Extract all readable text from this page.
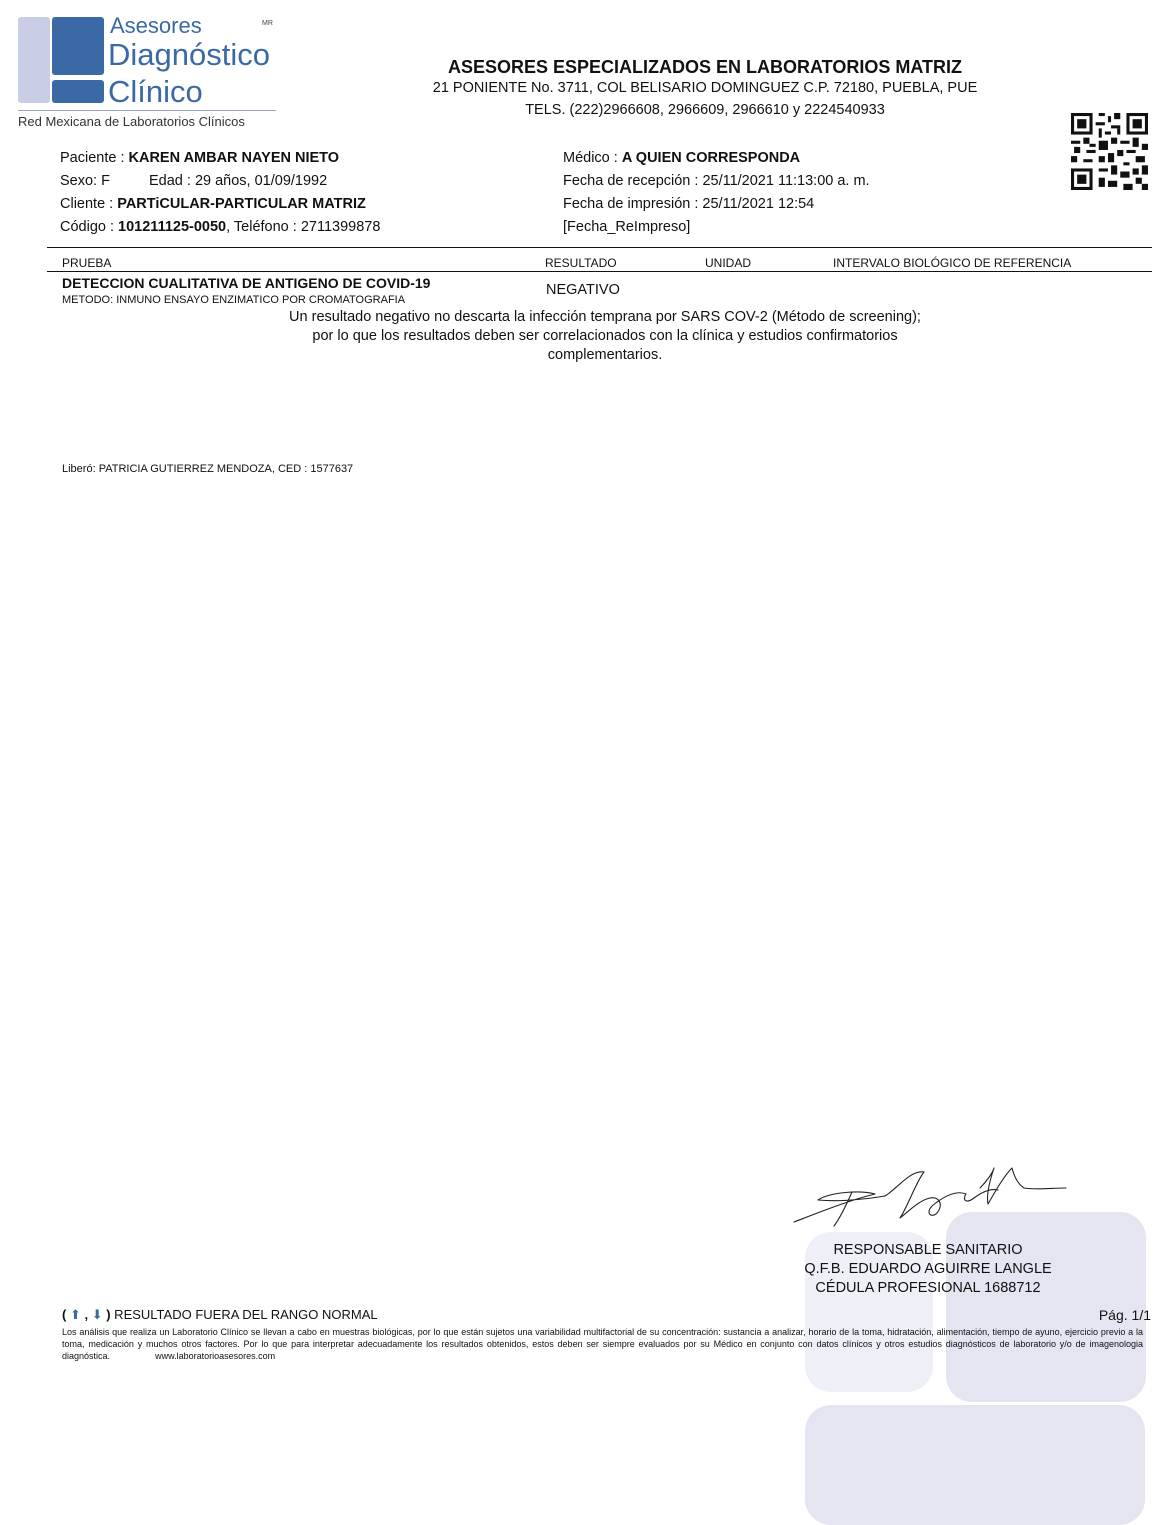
Asesores
Diagnóstico
Clínico
MR
Red Mexicana de Laboratorios Clínicos
ASESORES ESPECIALIZADOS EN LABORATORIOS MATRIZ
21 PONIENTE No. 3711, COL BELISARIO DOMINGUEZ C.P. 72180, PUEBLA, PUE
TELS. (222)2966608, 2966609, 2966610 y 2224540933
Paciente : KAREN AMBAR NAYEN NIETO
Sexo: F	Edad : 29 años, 01/09/1992
Cliente : PARTiCULAR-PARTICULAR MATRIZ
Código : 101211125-0050, Teléfono : 2711399878
Médico : A QUIEN CORRESPONDA
Fecha de recepción : 25/11/2021 11:13:00 a. m.
Fecha de impresión : 25/11/2021 12:54
[Fecha_ReImpreso]
PRUEBA	RESULTADO	UNIDAD	INTERVALO BIOLÓGICO DE REFERENCIA
DETECCION CUALITATIVA DE ANTIGENO DE COVID-19
METODO: INMUNO ENSAYO ENZIMATICO POR CROMATOGRAFIA
NEGATIVO
Un resultado negativo no descarta la infección temprana por SARS COV-2 (Método de screening);
por lo que los resultados deben ser correlacionados con la clínica y estudios confirmatorios
complementarios.
Liberó: PATRICIA GUTIERREZ MENDOZA, CED : 1577637
RESPONSABLE SANITARIO
Q.F.B. EDUARDO AGUIRRE LANGLE
CÉDULA PROFESIONAL 1688712
( ⬆ , ⬇ ) RESULTADO FUERA DEL RANGO NORMAL	Pág. 1/1
Los análisis que realiza un Laboratorio Clínico se llevan a cabo en muestras biológicas, por lo que están sujetos una variabilidad multifactorial de su concentración: sustancia a analizar, horario de la toma, hidratación, alimentación, tiempo de ayuno, ejercicio previo a la toma, medicación y muchos otros factores. Por lo que para interpretar adecuadamente los resultados obtenidos, estos deben ser siempre evaluados por su Médico en conjunto con datos clínicos y otros estudios diagnósticos de laboratorio y/o de imagenologia diagnóstica.	www.laboratorioasesores.com
